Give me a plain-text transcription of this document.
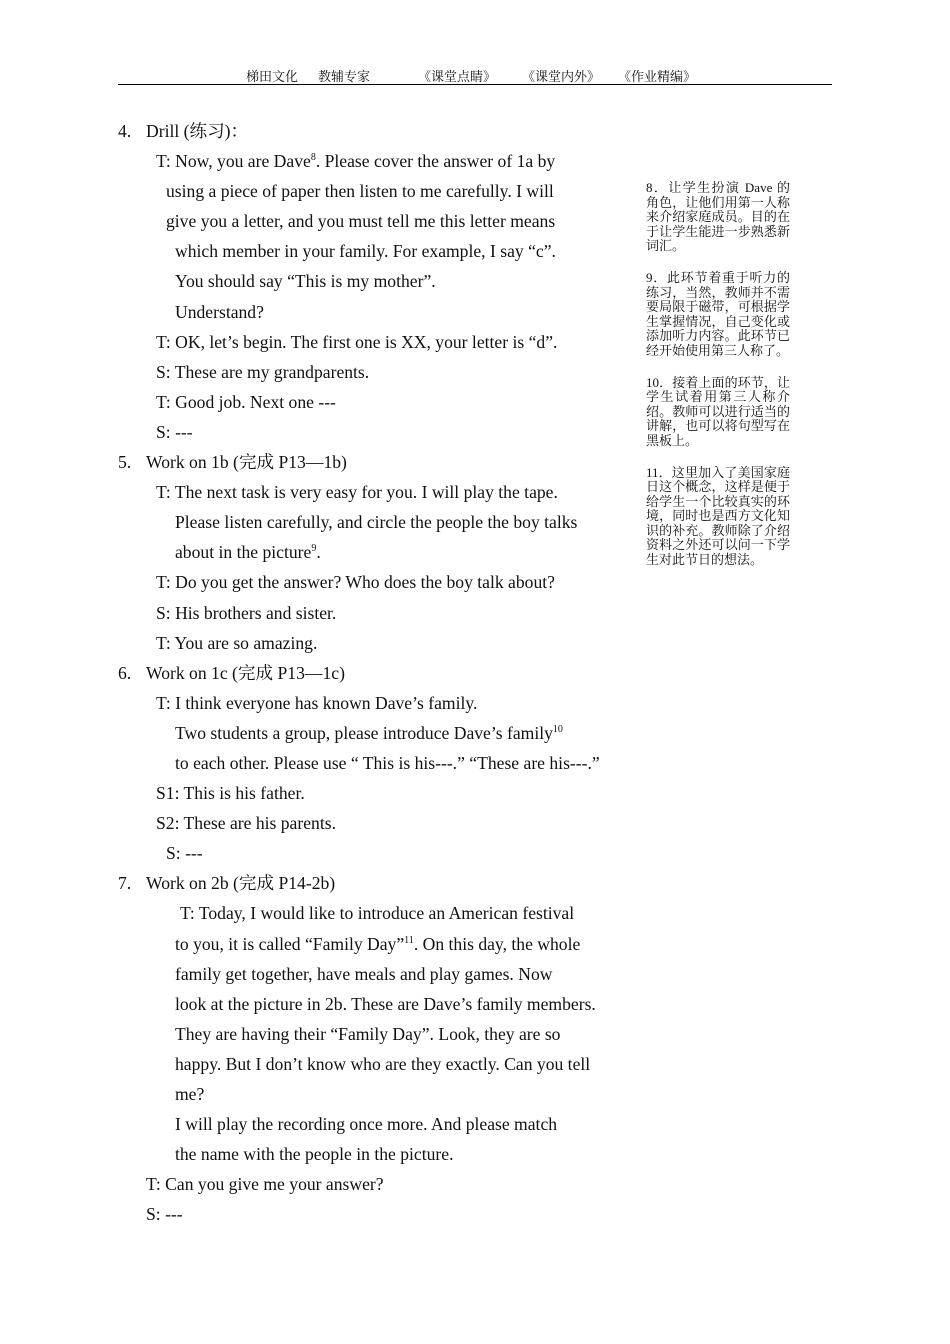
梯田文化 教辅专家	《课堂点睛》 《课堂内外》 《作业精编》
4. Drill (练习)：
T: Now, you are Dave$^8$. Please cover the answer of 1a by
using a piece of paper then listen to me carefully. I will
give you a letter, and you must tell me this letter means
which member in your family. For example, I say “c”.
You should say “This is my mother”.
Understand?
T: OK, let’s begin. The first one is XX, your letter is “d”.
S: These are my grandparents.
T: Good job. Next one ---
S: ---
5. Work on 1b (完成 P13—1b)
T: The next task is very easy for you. I will play the tape.
Please listen carefully, and circle the people the boy talks
about in the picture$^9$.
T: Do you get the answer? Who does the boy talk about?
S: His brothers and sister.
T: You are so amazing.
6. Work on 1c (完成 P13—1c)
T: I think everyone has known Dave’s family.
Two students a group, please introduce Dave’s family$^{10}$
to each other. Please use “ This is his---.” “These are his---.”
S1: This is his father.
S2: These are his parents.
S: ---
7. Work on 2b (完成 P14-2b)
T: Today, I would like to introduce an American festival
to you, it is called “Family Day”$^{11}$. On this day, the whole
family get together, have meals and play games. Now
look at the picture in 2b. These are Dave’s family members.
They are having their “Family Day”. Look, they are so
happy. But I don’t know who are they exactly. Can you tell
me?
I will play the recording once more. And please match
the name with the people in the picture.
T: Can you give me your answer?
S: ---
8．让学生扮演 Dave 的角色，让他们用第一人称来介绍家庭成员。目的在于让学生能进一步熟悉新词汇。
9．此环节着重于听力的练习，当然，教师并不需要局限于磁带，可根据学生掌握情况，自己变化或添加听力内容。此环节已经开始使用第三人称了。
10．接着上面的环节，让学生试着用第三人称介绍。教师可以进行适当的讲解，也可以将句型写在黑板上。
11．这里加入了美国家庭日这个概念，这样是便于给学生一个比较真实的环境，同时也是西方文化知识的补充。教师除了介绍资料之外还可以问一下学生对此节日的想法。
